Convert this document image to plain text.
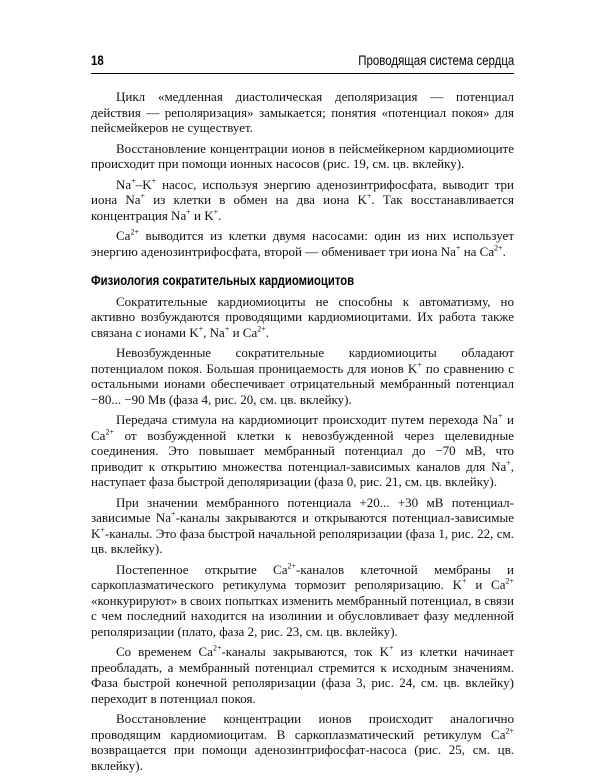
18	Проводящая система сердца

Цикл «медленная диастолическая деполяризация — потенциал действия — реполяризация» замыкается; понятия «потенциал покоя» для пейсмейкеров не существует.

Восстановление концентрации ионов в пейсмейкерном кардиомиоците происходит при помощи ионных насосов (рис. 19, см. цв. вклейку).

Na+–K+ насос, используя энергию аденозинтрифосфата, выводит три иона Na+ из клетки в обмен на два иона K+. Так восстанавливается концентрация Na+ и K+.

$Ca^{2+}$ выводится из клетки двумя насосами: один из них использует энергию аденозинтрифосфата, второй — обменивает три иона Na+ на $Ca^{2+}$.

Физиология сократительных кардиомиоцитов

Сократительные кардиомиоциты не способны к автоматизму, но активно возбуждаются проводящими кардиомиоцитами. Их работа также связана с ионами K+, Na+ и $Ca^{2+}$.

Невозбужденные сократительные кардиомиоциты обладают потенциалом покоя. Большая проницаемость для ионов K+ по сравнению с остальными ионами обеспечивает отрицательный мембранный потенциал −80... −90 Мв (фаза 4, рис. 20, см. цв. вклейку).

Передача стимула на кардиомиоцит происходит путем перехода Na+ и $Ca^{2+}$ от возбужденной клетки к невозбужденной через щелевидные соединения. Это повышает мембранный потенциал до −70 мВ, что приводит к открытию множества потенциал-зависимых каналов для Na+, наступает фаза быстрой деполяризации (фаза 0, рис. 21, см. цв. вклейку).

При значении мембранного потенциала +20... +30 мВ потенциал-зависимые Na+-каналы закрываются и открываются потенциал-зависимые K+-каналы. Это фаза быстрой начальной реполяризации (фаза 1, рис. 22, см. цв. вклейку).

Постепенное открытие $Ca^{2+}$-каналов клеточной мембраны и саркоплазматического ретикулума тормозит реполяризацию. K+ и $Ca^{2+}$ «конкурируют» в своих попытках изменить мембранный потенциал, в связи с чем последний находится на изолинии и обусловливает фазу медленной реполяризации (плато, фаза 2, рис. 23, см. цв. вклейку).

Со временем $Ca^{2+}$-каналы закрываются, ток K+ из клетки начинает преобладать, а мембранный потенциал стремится к исходным значениям. Фаза быстрой конечной реполяризации (фаза 3, рис. 24, см. цв. вклейку) переходит в потенциал покоя.

Восстановление концентрации ионов происходит аналогично проводящим кардиомиоцитам. В саркоплазматический ретикулум $Ca^{2+}$ возвращается при помощи аденозинтрифосфат-насоса (рис. 25, см. цв. вклейку).
